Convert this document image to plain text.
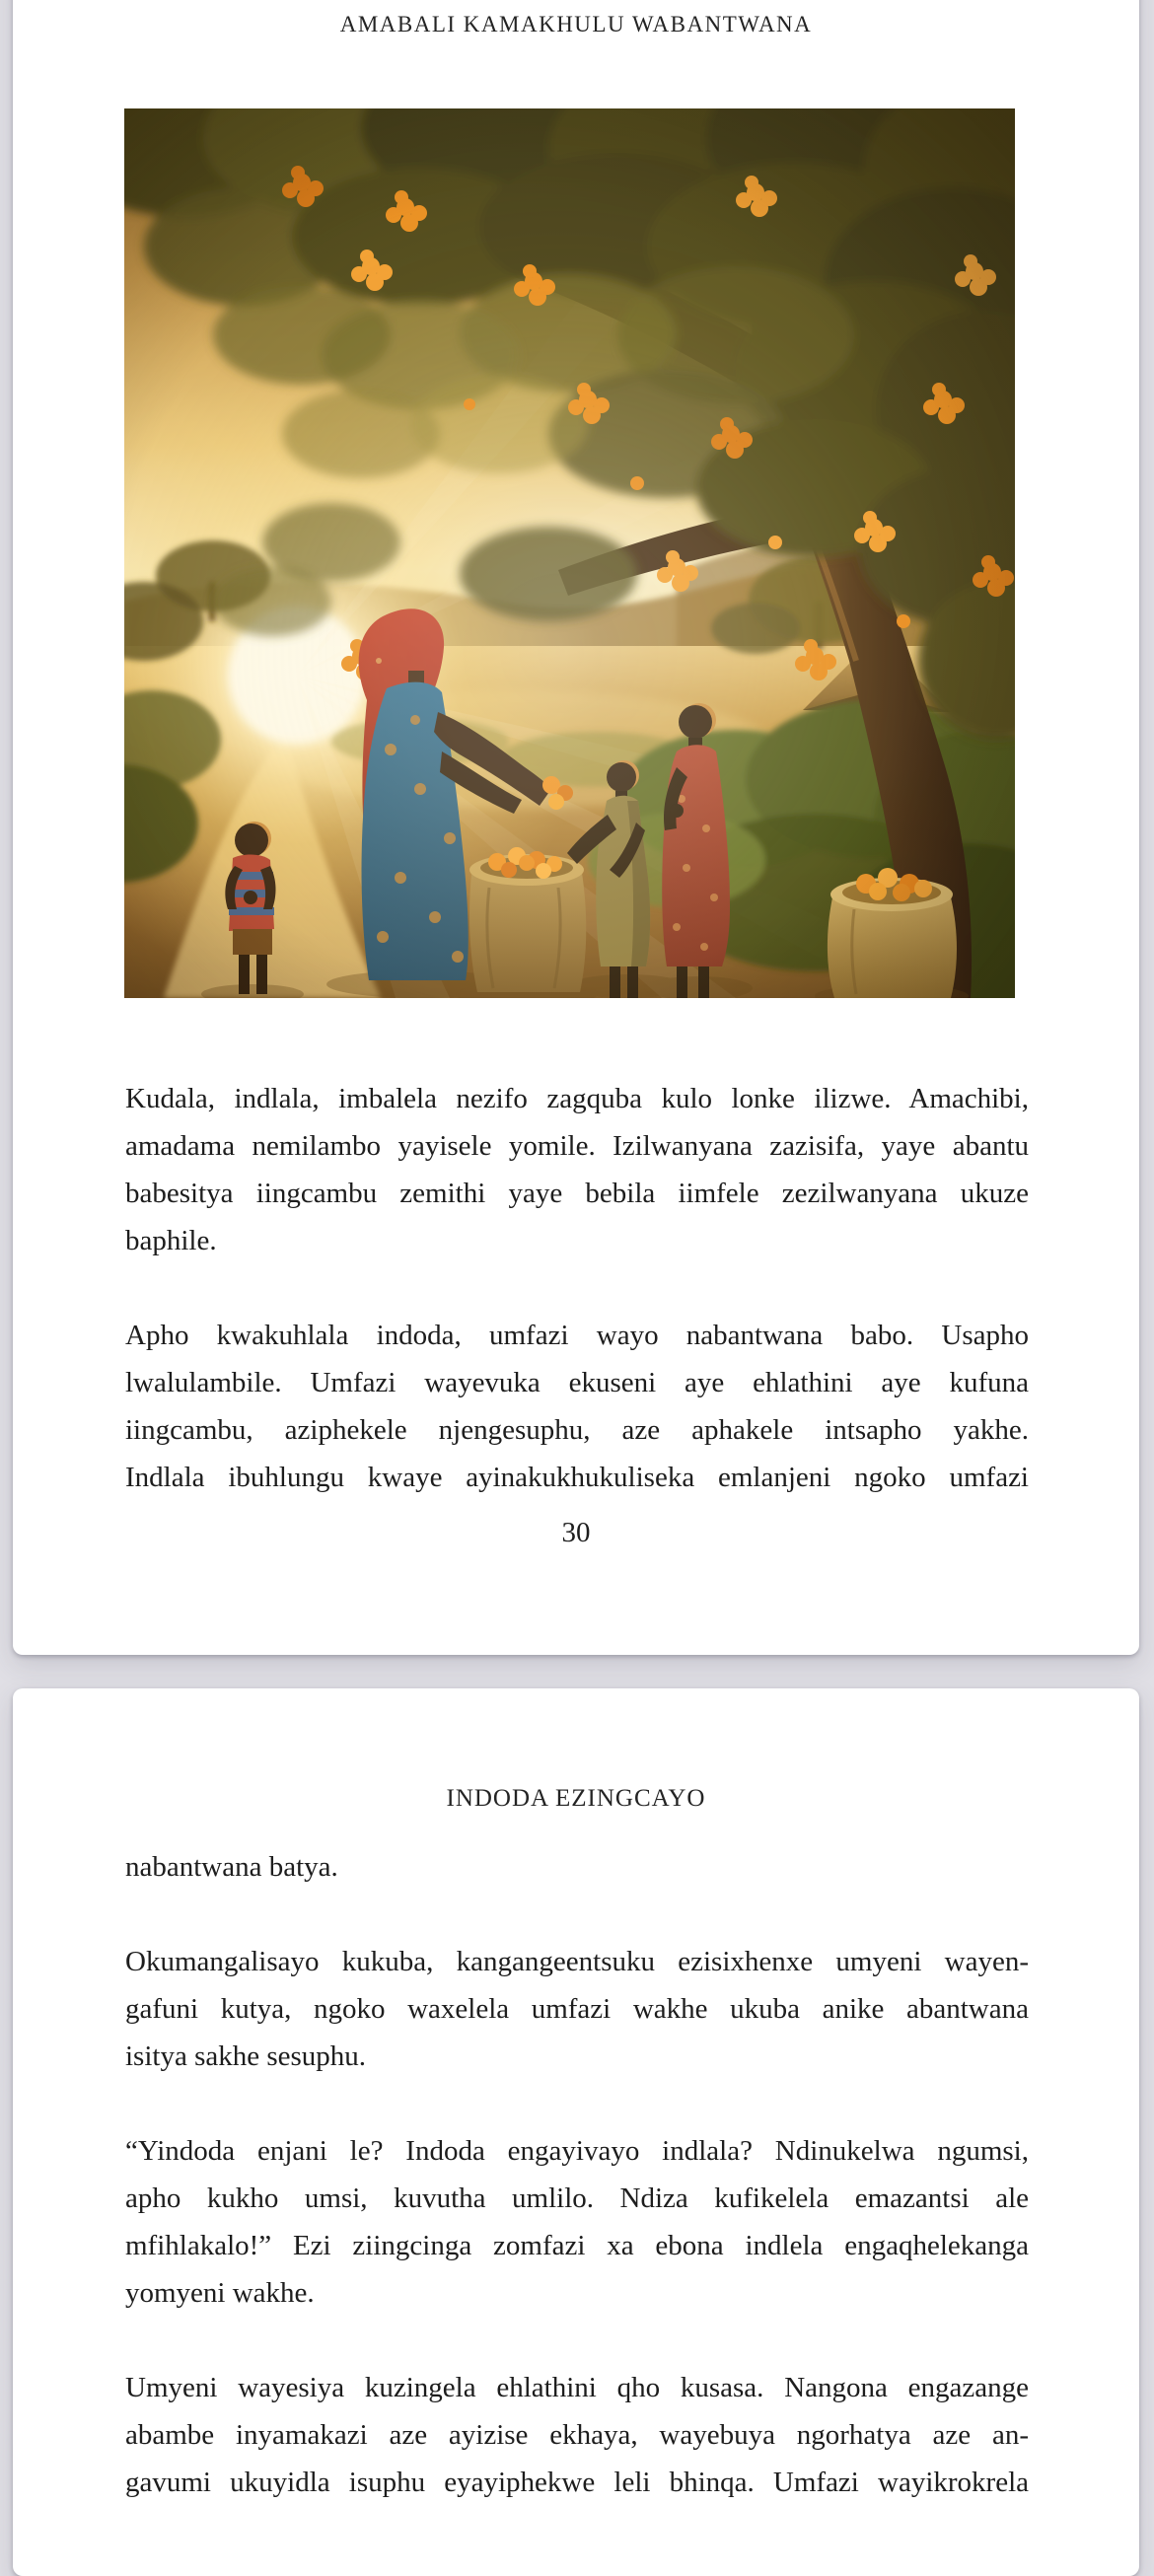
AMABALI KAMAKHULU WABANTWANA
Kudala, indlala, imbalela nezifo zagquba kulo lonke ilizwe. Amachibi,
amadama nemilambo yayisele yomile. Izilwanyana zazisifa, yaye abantu
babesitya iingcambu zemithi yaye bebila iimfele zezilwanyana ukuze
baphile.
Apho kwakuhlala indoda, umfazi wayo nabantwana babo. Usapho
lwalulambile. Umfazi wayevuka ekuseni aye ehlathini aye kufuna
iingcambu, aziphekele njengesuphu, aze aphakele intsapho yakhe.
Indlala ibuhlungu kwaye ayinakukhukuliseka emlanjeni ngoko umfazi
30
INDODA EZINGCAYO
nabantwana batya.
Okumangalisayo kukuba, kangangeentsuku ezisixhenxe umyeni wayen-
gafuni kutya, ngoko waxelela umfazi wakhe ukuba anike abantwana
isitya sakhe sesuphu.
“Yindoda enjani le? Indoda engayivayo indlala? Ndinukelwa ngumsi,
apho kukho umsi, kuvutha umlilo. Ndiza kufikelela emazantsi ale
mfihlakalo!” Ezi ziingcinga zomfazi xa ebona indlela engaqhelekanga
yomyeni wakhe.
Umyeni wayesiya kuzingela ehlathini qho kusasa. Nangona engazange
abambe inyamakazi aze ayizise ekhaya, wayebuya ngorhatya aze an-
gavumi ukuyidla isuphu eyayiphekwe leli bhinqa. Umfazi wayikrokrela
